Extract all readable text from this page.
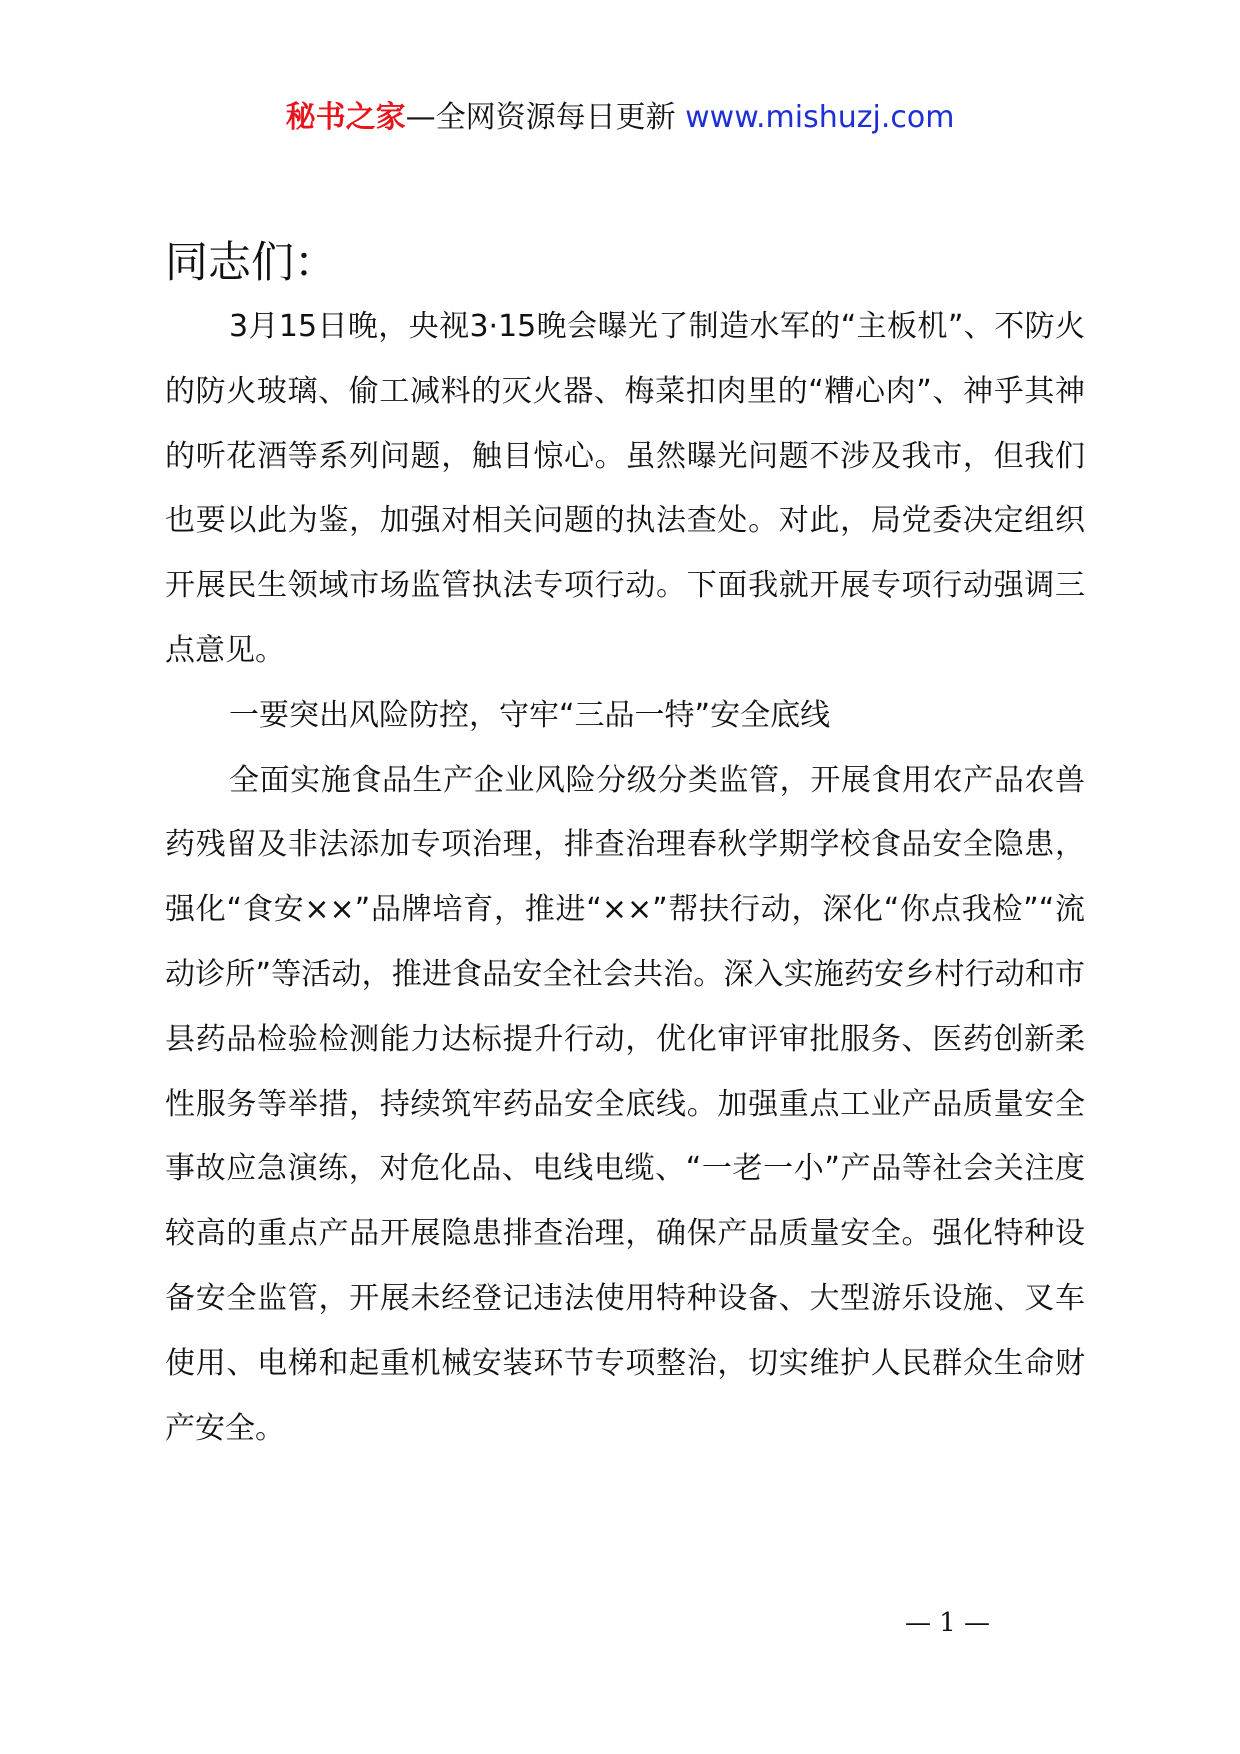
秘书之家—全网资源每日更新 www.mishuzj.com
同志们：

3月15日晚，央视3·15晚会曝光了制造水军的“主板机”、不防火的防火玻璃、偷工减料的灭火器、梅菜扣肉里的“糟心肉”、神乎其神的听花酒等系列问题，触目惊心。虽然曝光问题不涉及我市，但我们也要以此为鉴，加强对相关问题的执法查处。对此，局党委决定组织开展民生领域市场监管执法专项行动。下面我就开展专项行动强调三点意见。

一要突出风险防控，守牢“三品一特”安全底线

全面实施食品生产企业风险分级分类监管，开展食用农产品农兽药残留及非法添加专项治理，排查治理春秋学期学校食品安全隐患，强化“食安××”品牌培育，推进“××”帮扶行动，深化“你点我检”“流动诊所”等活动，推进食品安全社会共治。深入实施药安乡村行动和市县药品检验检测能力达标提升行动，优化审评审批服务、医药创新柔性服务等举措，持续筑牢药品安全底线。加强重点工业产品质量安全事故应急演练，对危化品、电线电缆、“一老一小”产品等社会关注度较高的重点产品开展隐患排查治理，确保产品质量安全。强化特种设备安全监管，开展未经登记违法使用特种设备、大型游乐设施、叉车使用、电梯和起重机械安装环节专项整治，切实维护人民群众生命财产安全。

— 1 —
